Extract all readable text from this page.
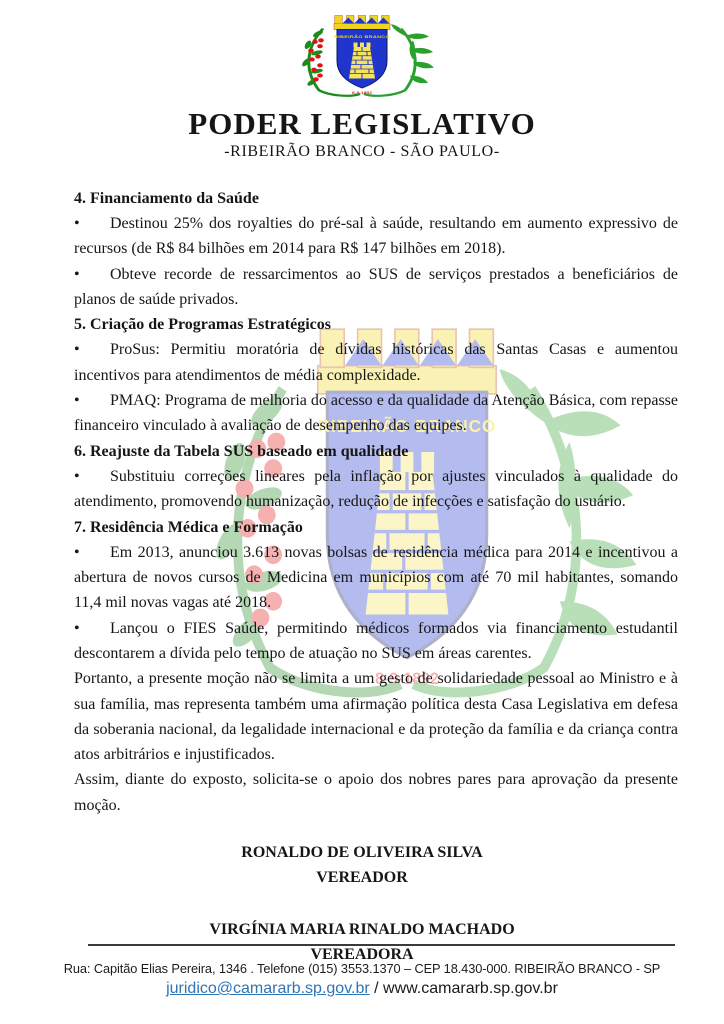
PODER LEGISLATIVO
-RIBEIRÃO BRANCO - SÃO PAULO-

4. Financiamento da Saúde

• Destinou 25% dos royalties do pré-sal à saúde, resultando em aumento expressivo de recursos (de R$ 84 bilhões em 2014 para R$ 147 bilhões em 2018).

• Obteve recorde de ressarcimentos ao SUS de serviços prestados a beneficiários de planos de saúde privados.

5. Criação de Programas Estratégicos

• ProSus: Permitiu moratória de dívidas históricas das Santas Casas e aumentou incentivos para atendimentos de média complexidade.

• PMAQ: Programa de melhoria do acesso e da qualidade da Atenção Básica, com repasse financeiro vinculado à avaliação de desempenho das equipes.

6. Reajuste da Tabela SUS baseado em qualidade

• Substituiu correções lineares pela inflação por ajustes vinculados à qualidade do atendimento, promovendo humanização, redução de infecções e satisfação do usuário.

7. Residência Médica e Formação

• Em 2013, anunciou 3.613 novas bolsas de residência médica para 2014 e incentivou a abertura de novos cursos de Medicina em municípios com até 70 mil habitantes, somando 11,4 mil novas vagas até 2018.

• Lançou o FIES Saúde, permitindo médicos formados via financiamento estudantil descontarem a dívida pelo tempo de atuação no SUS em áreas carentes.

Portanto, a presente moção não se limita a um gesto de solidariedade pessoal ao Ministro e à sua família, mas representa também uma afirmação política desta Casa Legislativa em defesa da soberania nacional, da legalidade internacional e da proteção da família e da criança contra atos arbitrários e injustificados.

Assim, diante do exposto, solicita-se o apoio dos nobres pares para aprovação da presente moção.

RONALDO DE OLIVEIRA SILVA

VEREADOR

VIRGÍNIA MARIA RINALDO MACHADO

VEREADORA

Rua: Capitão Elias Pereira, 1346 . Telefone (015) 3553.1370 – CEP 18.430-000. RIBEIRÃO BRANCO - SP
juridico@camararb.sp.gov.br / www.camararb.sp.gov.br
